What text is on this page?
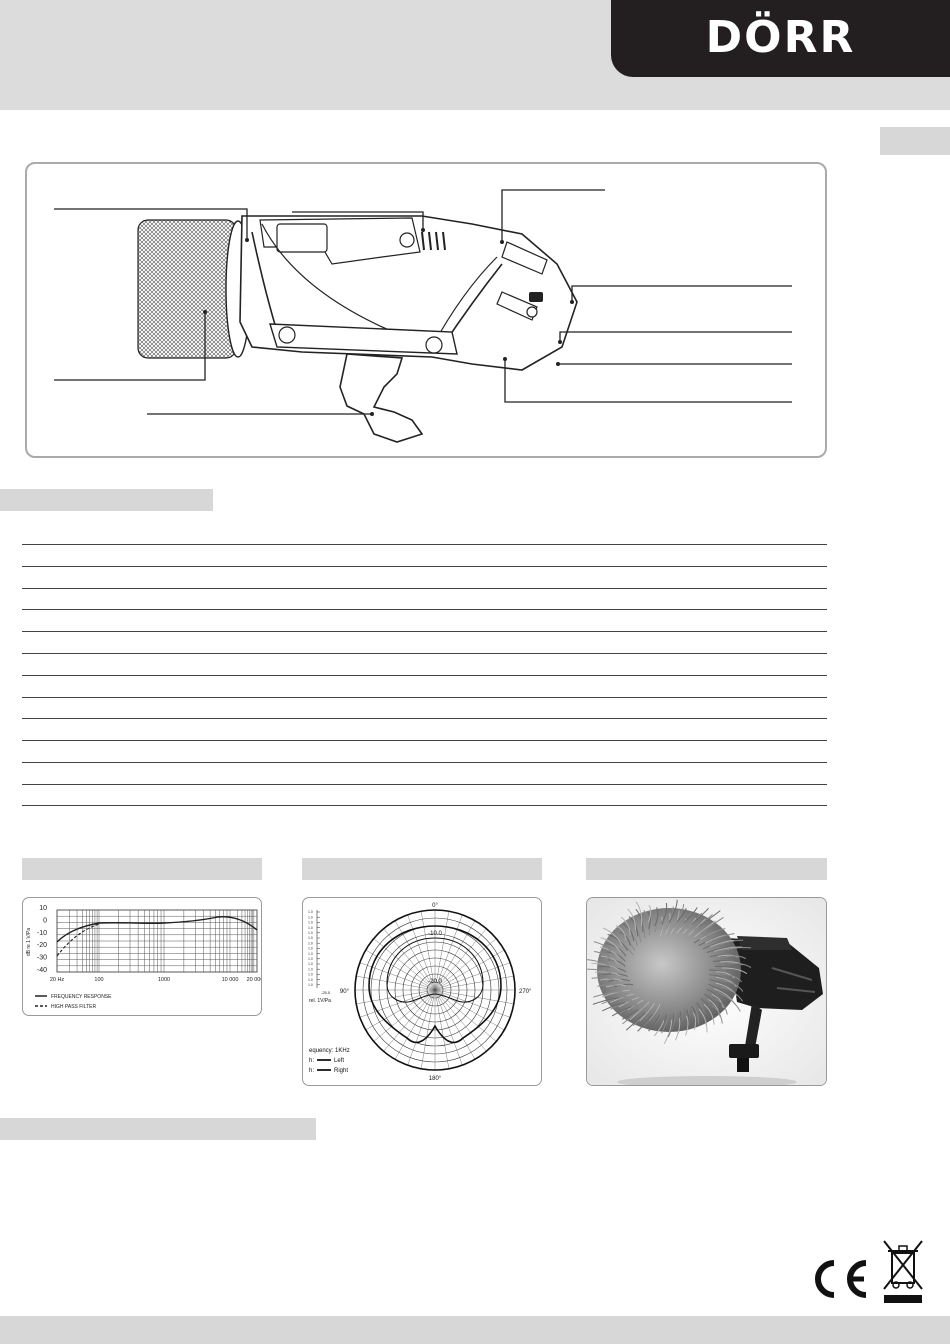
DÖRR
10
0
-10
-20
-30
-40
dB re 1 V/Pa
20 Hz	100	1000	10 000 20 000
FREQUENCY RESPONSE
HIGH PASS FILTER
0°
180°
90°	270°
-10.0
-20.0
1.0
1.0
1.0
1.0
1.0
1.0
1.0
1.0
1.0
1.0
1.0
1.0
1.0
1.0
1.0
-25.0
rel. 1V/Pa
equency: 1KHz
h:	Left
h:	Right
